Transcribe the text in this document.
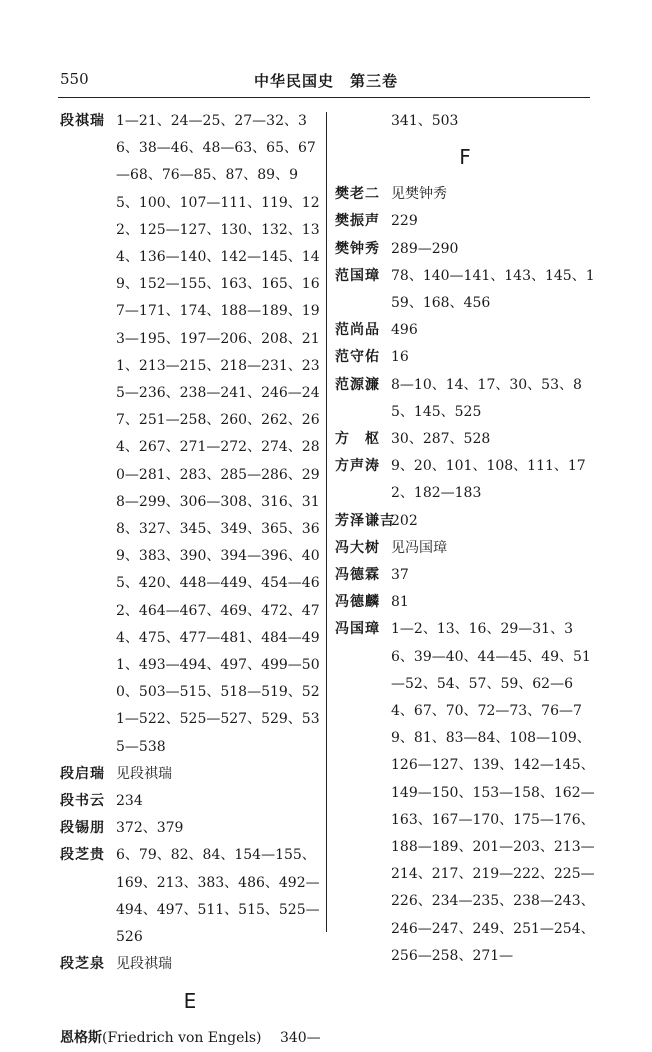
550	中华民国史　第三卷
段祺瑞 1—21、24—25、27—32、36、38—46、48—63、65、67—68、76—85、87、89、95、100、107—111、119、122、125—127、130、132、134、136—140、142—145、149、152—155、163、165、167—171、174、188—189、193—195、197—206、208、211、213—215、218—231、235—236、238—241、246—247、251—258、260、262、264、267、271—272、274、280—281、283、285—286、298—299、306—308、316、318、327、345、349、365、369、383、390、394—396、405、420、448—449、454—462、464—467、469、472、474、475、477—481、484—491、493—494、497、499—500、503—515、518—519、521—522、525—527、529、535—538
段启瑞 见段祺瑞
段书云 234
段锡朋 372、379
段芝贵 6、79、82、84、154—155、169、213、383、486、492—494、497、511、515、525—526
段芝泉 见段祺瑞
E
恩格斯(Friedrich von Engels) 340—
341、503
F
樊老二 见樊钟秀
樊振声 229
樊钟秀 289—290
范国璋 78、140—141、143、145、159、168、456
范尚品 496
范守佑 16
范源濂 8—10、14、17、30、53、85、145、525
方　枢 30、287、528
方声涛 9、20、101、108、111、172、182—183
芳泽谦吉
202
冯大树 见冯国璋
冯德霖 37
冯德麟 81
冯国璋 1—2、13、16、29—31、36、39—40、44—45、49、51—52、54、57、59、62—64、67、70、72—73、76—79、81、83—84、108—109、126—127、139、142—145、149—150、153—158、162—163、167—170、175—176、188—189、201—203、213—214、217、219—222、225—226、234—235、238—243、246—247、249、251—254、256—258、271—
